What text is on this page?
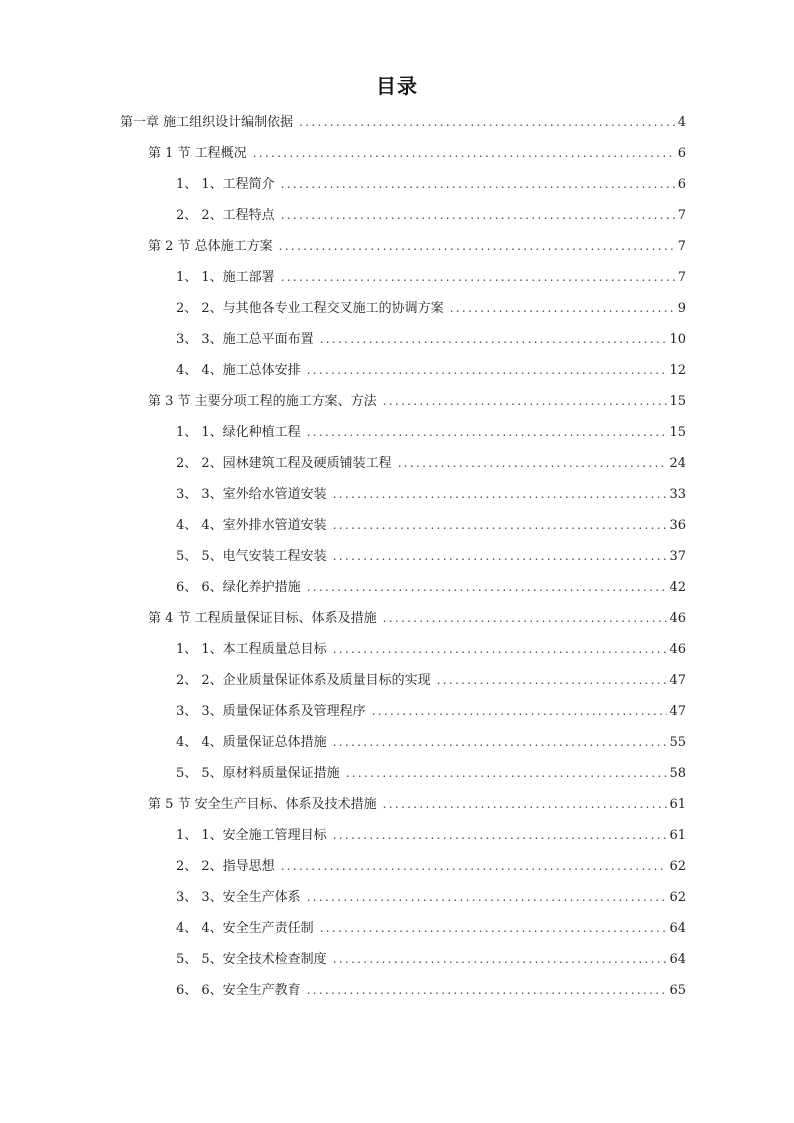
目录
第一章 施工组织设计编制依据 .....	4
第 1 节 工程概况 .....	6
1、 1、工程简介 .....	6
2、 2、工程特点 .....	7
第 2 节 总体施工方案 .....	7
1、 1、施工部署 .....	7
2、 2、与其他各专业工程交叉施工的协调方案 .....	9
3、 3、施工总平面布置 .....	10
4、 4、施工总体安排 .....	12
第 3 节 主要分项工程的施工方案、方法 .....	15
1、 1、绿化种植工程 .....	15
2、 2、园林建筑工程及硬质铺装工程 .....	24
3、 3、室外给水管道安装 .....	33
4、 4、室外排水管道安装 .....	36
5、 5、电气安装工程安装 .....	37
6、 6、绿化养护措施 .....	42
第 4 节 工程质量保证目标、体系及措施 .....	46
1、 1、本工程质量总目标 .....	46
2、 2、企业质量保证体系及质量目标的实现 .....	47
3、 3、质量保证体系及管理程序 .....	47
4、 4、质量保证总体措施 .....	55
5、 5、原材料质量保证措施 .....	58
第 5 节 安全生产目标、体系及技术措施 .....	61
1、 1、安全施工管理目标 .....	61
2、 2、指导思想 .....	62
3、 3、安全生产体系 .....	62
4、 4、安全生产责任制 .....	64
5、 5、安全技术检查制度 .....	64
6、 6、安全生产教育 .....	65
